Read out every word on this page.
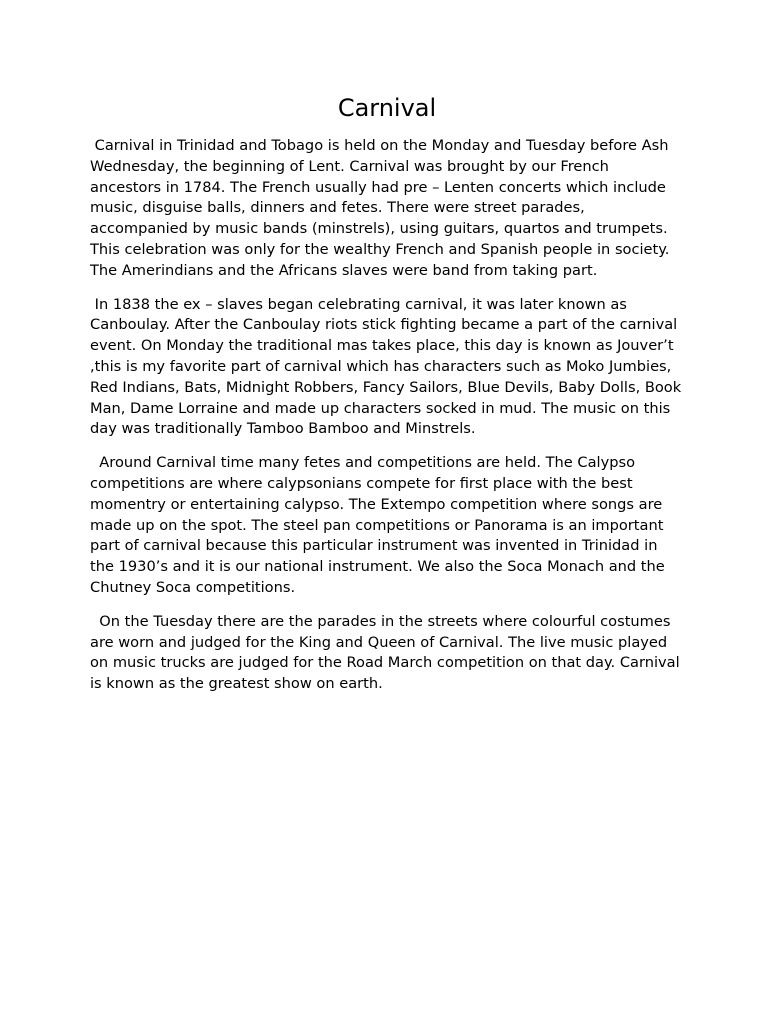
Carnival

Carnival in Trinidad and Tobago is held on the Monday and Tuesday before Ash Wednesday, the beginning of Lent. Carnival was brought by our French ancestors in 1784. The French usually had pre – Lenten concerts which include music, disguise balls, dinners and fetes. There were street parades, accompanied by music bands (minstrels), using guitars, quartos and trumpets. This celebration was only for the wealthy French and Spanish people in society. The Amerindians and the Africans slaves were band from taking part.

In 1838 the ex – slaves began celebrating carnival, it was later known as Canboulay. After the Canboulay riots stick fighting became a part of the carnival event. On Monday the traditional mas takes place, this day is known as Jouver’t ,this is my favorite part of carnival which has characters such as Moko Jumbies, Red Indians, Bats, Midnight Robbers, Fancy Sailors, Blue Devils, Baby Dolls, Book Man, Dame Lorraine and made up characters socked in mud. The music on this day was traditionally Tamboo Bamboo and Minstrels.

Around Carnival time many fetes and competitions are held. The Calypso competitions are where calypsonians compete for first place with the best momentry or entertaining calypso. The Extempo competition where songs are made up on the spot. The steel pan competitions or Panorama is an important part of carnival because this particular instrument was invented in Trinidad in the 1930’s and it is our national instrument. We also the Soca Monach and the Chutney Soca competitions.

On the Tuesday there are the parades in the streets where colourful costumes are worn and judged for the King and Queen of Carnival. The live music played on music trucks are judged for the Road March competition on that day. Carnival is known as the greatest show on earth.
